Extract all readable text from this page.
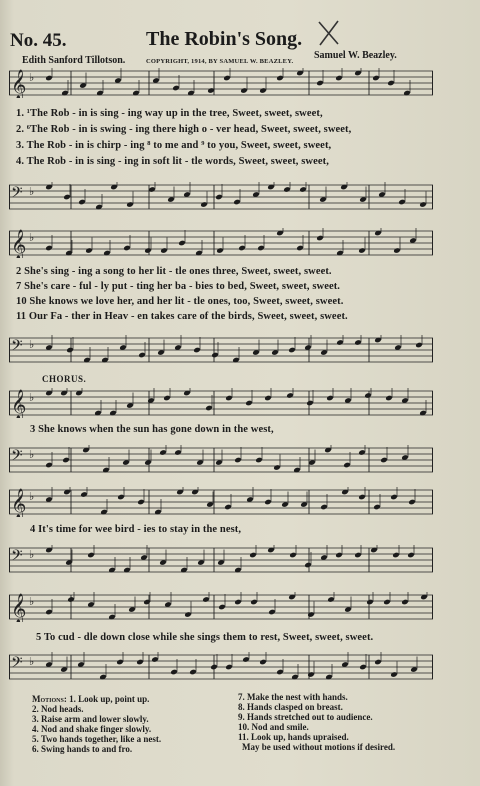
No. 45.	The Robin's Song.
Edith Sanford Tillotson.	COPYRIGHT, 1914, BY SAMUEL W. BEAZLEY.
Samuel W. Beazley.
𝄞 ♭
𝄢 ♭
𝄞 ♭
𝄢 ♭
𝄞 ♭
𝄢 ♭
𝄞 ♭
𝄢 ♭
𝄞 ♭
𝄢 ♭
1. ¹The Rob - in is sing - ing way up in the tree, Sweet, sweet, sweet,
2. ⁶The Rob - in is swing - ing there high o - ver head, Sweet, sweet, sweet,
3. The Rob - in is chirp - ing ⁸ to me and ⁹ to you, Sweet, sweet, sweet,
4. The Rob - in is sing - ing in soft lit - tle words, Sweet, sweet, sweet,
2 She's sing - ing a song to her lit - tle ones three, Sweet, sweet, sweet.
7 She's care - ful - ly put - ting her ba - bies to bed, Sweet, sweet, sweet.
10 She knows we love her, and her lit - tle ones, too, Sweet, sweet, sweet.
11 Our Fa - ther in Heav - en takes care of the birds, Sweet, sweet, sweet.
CHORUS.
3 She knows when the sun has gone down in the west,
4 It's time for wee bird - ies to stay in the nest,
5 To cud - dle down close while she sings them to rest, Sweet, sweet, sweet.
Motions: 1. Look up, point up.
2. Nod heads.
3. Raise arm and lower slowly.
4. Nod and shake finger slowly.
5. Two hands together, like a nest.
6. Swing hands to and fro.
7. Make the nest with hands.
8. Hands clasped on breast.
9. Hands stretched out to audience.
10. Nod and smile.
11. Look up, hands upraised.
May be used without motions if desired.
